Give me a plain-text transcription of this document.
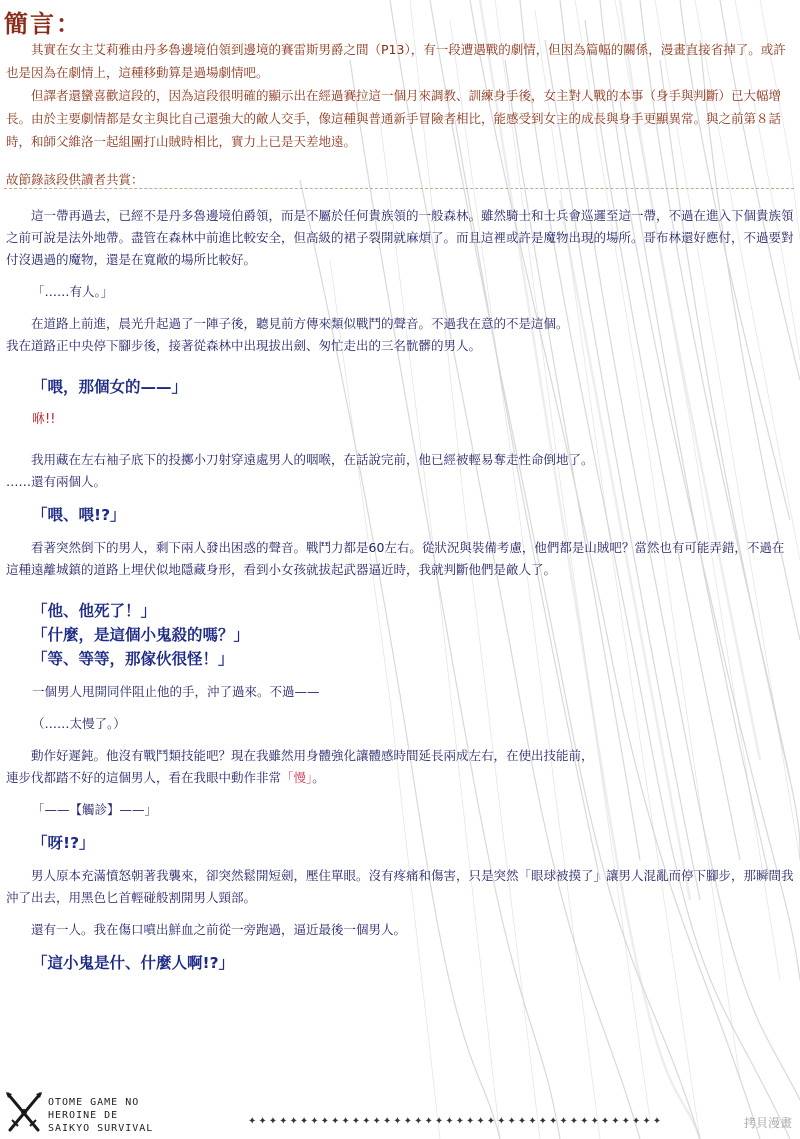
簡言：

其實在女主艾莉雅由丹多魯邊境伯領到邊境的賽雷斯男爵之間（P13），有一段遭遇戰的劇情，但因為篇幅的關係，漫畫直接省掉了。或許也是因為在劇情上，這種移動算是過場劇情吧。

但譯者還蠻喜歡這段的，因為這段很明確的顯示出在經過賽拉這一個月來調教、訓練身手後，女主對人戰的本事（身手與判斷）已大幅增長。由於主要劇情都是女主與比自己還強大的敵人交手，像這種與普通新手冒險者相比，能感受到女主的成長與身手更顯異常。與之前第８話時，和師父維洛一起組團打山賊時相比，實力上已是天差地遠。

故節錄該段供讀者共賞：

這一帶再過去，已經不是丹多魯邊境伯爵領，而是不屬於任何貴族領的一般森林。雖然騎士和士兵會巡邏至這一帶，不過在進入下個貴族領之前可說是法外地帶。盡管在森林中前進比較安全，但高級的裙子裂開就麻煩了。而且這裡或許是魔物出現的場所。哥布林還好應付，不過要對付沒遇過的魔物，還是在寬敞的場所比較好。

「……有人。」

在道路上前進，晨光升起過了一陣子後，聽見前方傳來類似戰鬥的聲音。不過我在意的不是這個。

我在道路正中央停下腳步後，接著從森林中出現拔出劍、匆忙走出的三名骯髒的男人。

「喂，那個女的——」

咻!!

我用藏在左右袖子底下的投擲小刀射穿遠處男人的咽喉，在話說完前，他已經被輕易奪走性命倒地了。

……還有兩個人。

「喂、喂!?」

看著突然倒下的男人，剩下兩人發出困惑的聲音。戰鬥力都是60左右。從狀況與裝備考慮，他們都是山賊吧？當然也有可能弄錯，不過在這種遠離城鎮的道路上埋伏似地隱藏身形，看到小女孩就拔起武器逼近時，我就判斷他們是敵人了。

「他、他死了！」

「什麼，是這個小鬼殺的嗎？」

「等、等等，那傢伙很怪！」

一個男人甩開同伴阻止他的手，沖了過來。不過——

（……太慢了。）

動作好遲鈍。他沒有戰鬥類技能吧？現在我雖然用身體強化讓體感時間延長兩成左右，在使出技能前，

連步伐都踏不好的這個男人，看在我眼中動作非常「慢」。

「——【觸診】——」

「呀!?」

男人原本充滿憤怒朝著我襲來，卻突然鬆開短劍，壓住單眼。沒有疼痛和傷害，只是突然「眼球被摸了」讓男人混亂而停下腳步，那瞬間我沖了出去，用黑色匕首輕碰般割開男人頸部。

還有一人。我在傷口噴出鮮血之前從一旁跑過，逼近最後一個男人。

「這小鬼是什、什麼人啊!?」

OTOME GAME NO
HEROINE DE
SAIKYO SURVIVAL
✦✦✦✦✦✦✦✦✦✦✦✦✦✦✦✦✦✦✦✦✦✦✦✦✦✦✦✦✦✦✦✦✦✦✦✦✦✦✦✦	拷貝漫畫
